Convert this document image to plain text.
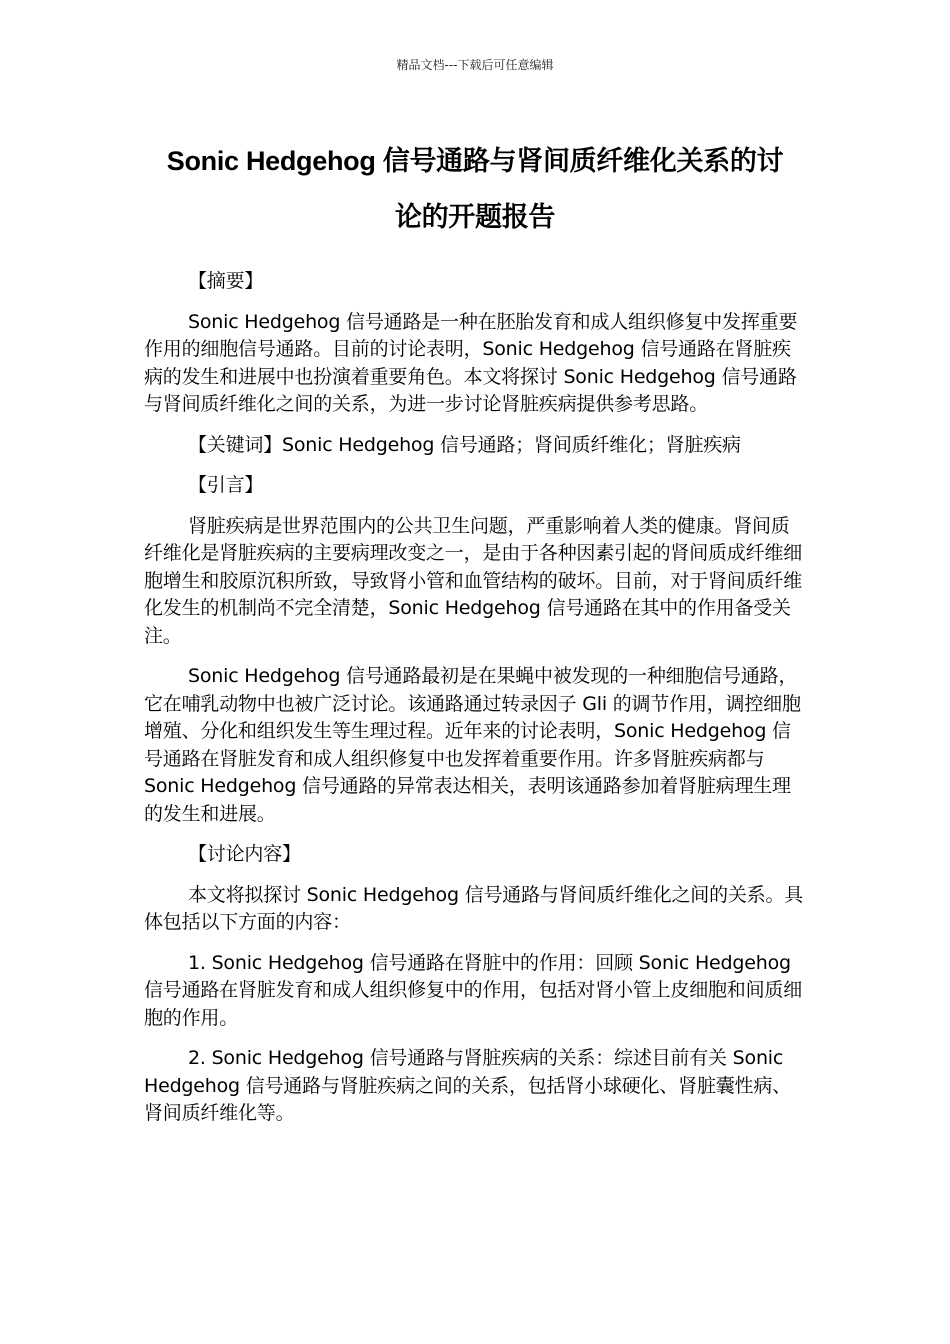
精品文档---下载后可任意编辑
Sonic Hedgehog 信号通路与肾间质纤维化关系的讨
论的开题报告

【摘要】

Sonic Hedgehog 信号通路是一种在胚胎发育和成人组织修复中发挥重要作用的细胞信号通路。目前的讨论表明，Sonic Hedgehog 信号通路在肾脏疾病的发生和进展中也扮演着重要角色。本文将探讨 Sonic Hedgehog 信号通路与肾间质纤维化之间的关系，为进一步讨论肾脏疾病提供参考思路。

【关键词】Sonic Hedgehog 信号通路；肾间质纤维化；肾脏疾病

【引言】

肾脏疾病是世界范围内的公共卫生问题，严重影响着人类的健康。肾间质纤维化是肾脏疾病的主要病理改变之一，是由于各种因素引起的肾间质成纤维细胞增生和胶原沉积所致，导致肾小管和血管结构的破坏。目前，对于肾间质纤维化发生的机制尚不完全清楚，Sonic Hedgehog 信号通路在其中的作用备受关注。

Sonic Hedgehog 信号通路最初是在果蝇中被发现的一种细胞信号通路，它在哺乳动物中也被广泛讨论。该通路通过转录因子 Gli 的调节作用，调控细胞增殖、分化和组织发生等生理过程。近年来的讨论表明，Sonic Hedgehog 信号通路在肾脏发育和成人组织修复中也发挥着重要作用。许多肾脏疾病都与 Sonic Hedgehog 信号通路的异常表达相关，表明该通路参加着肾脏病理生理的发生和进展。

【讨论内容】

本文将拟探讨 Sonic Hedgehog 信号通路与肾间质纤维化之间的关系。具体包括以下方面的内容：

1. Sonic Hedgehog 信号通路在肾脏中的作用：回顾 Sonic Hedgehog 信号通路在肾脏发育和成人组织修复中的作用，包括对肾小管上皮细胞和间质细胞的作用。

2. Sonic Hedgehog 信号通路与肾脏疾病的关系：综述目前有关 Sonic Hedgehog 信号通路与肾脏疾病之间的关系，包括肾小球硬化、肾脏囊性病、肾间质纤维化等。
